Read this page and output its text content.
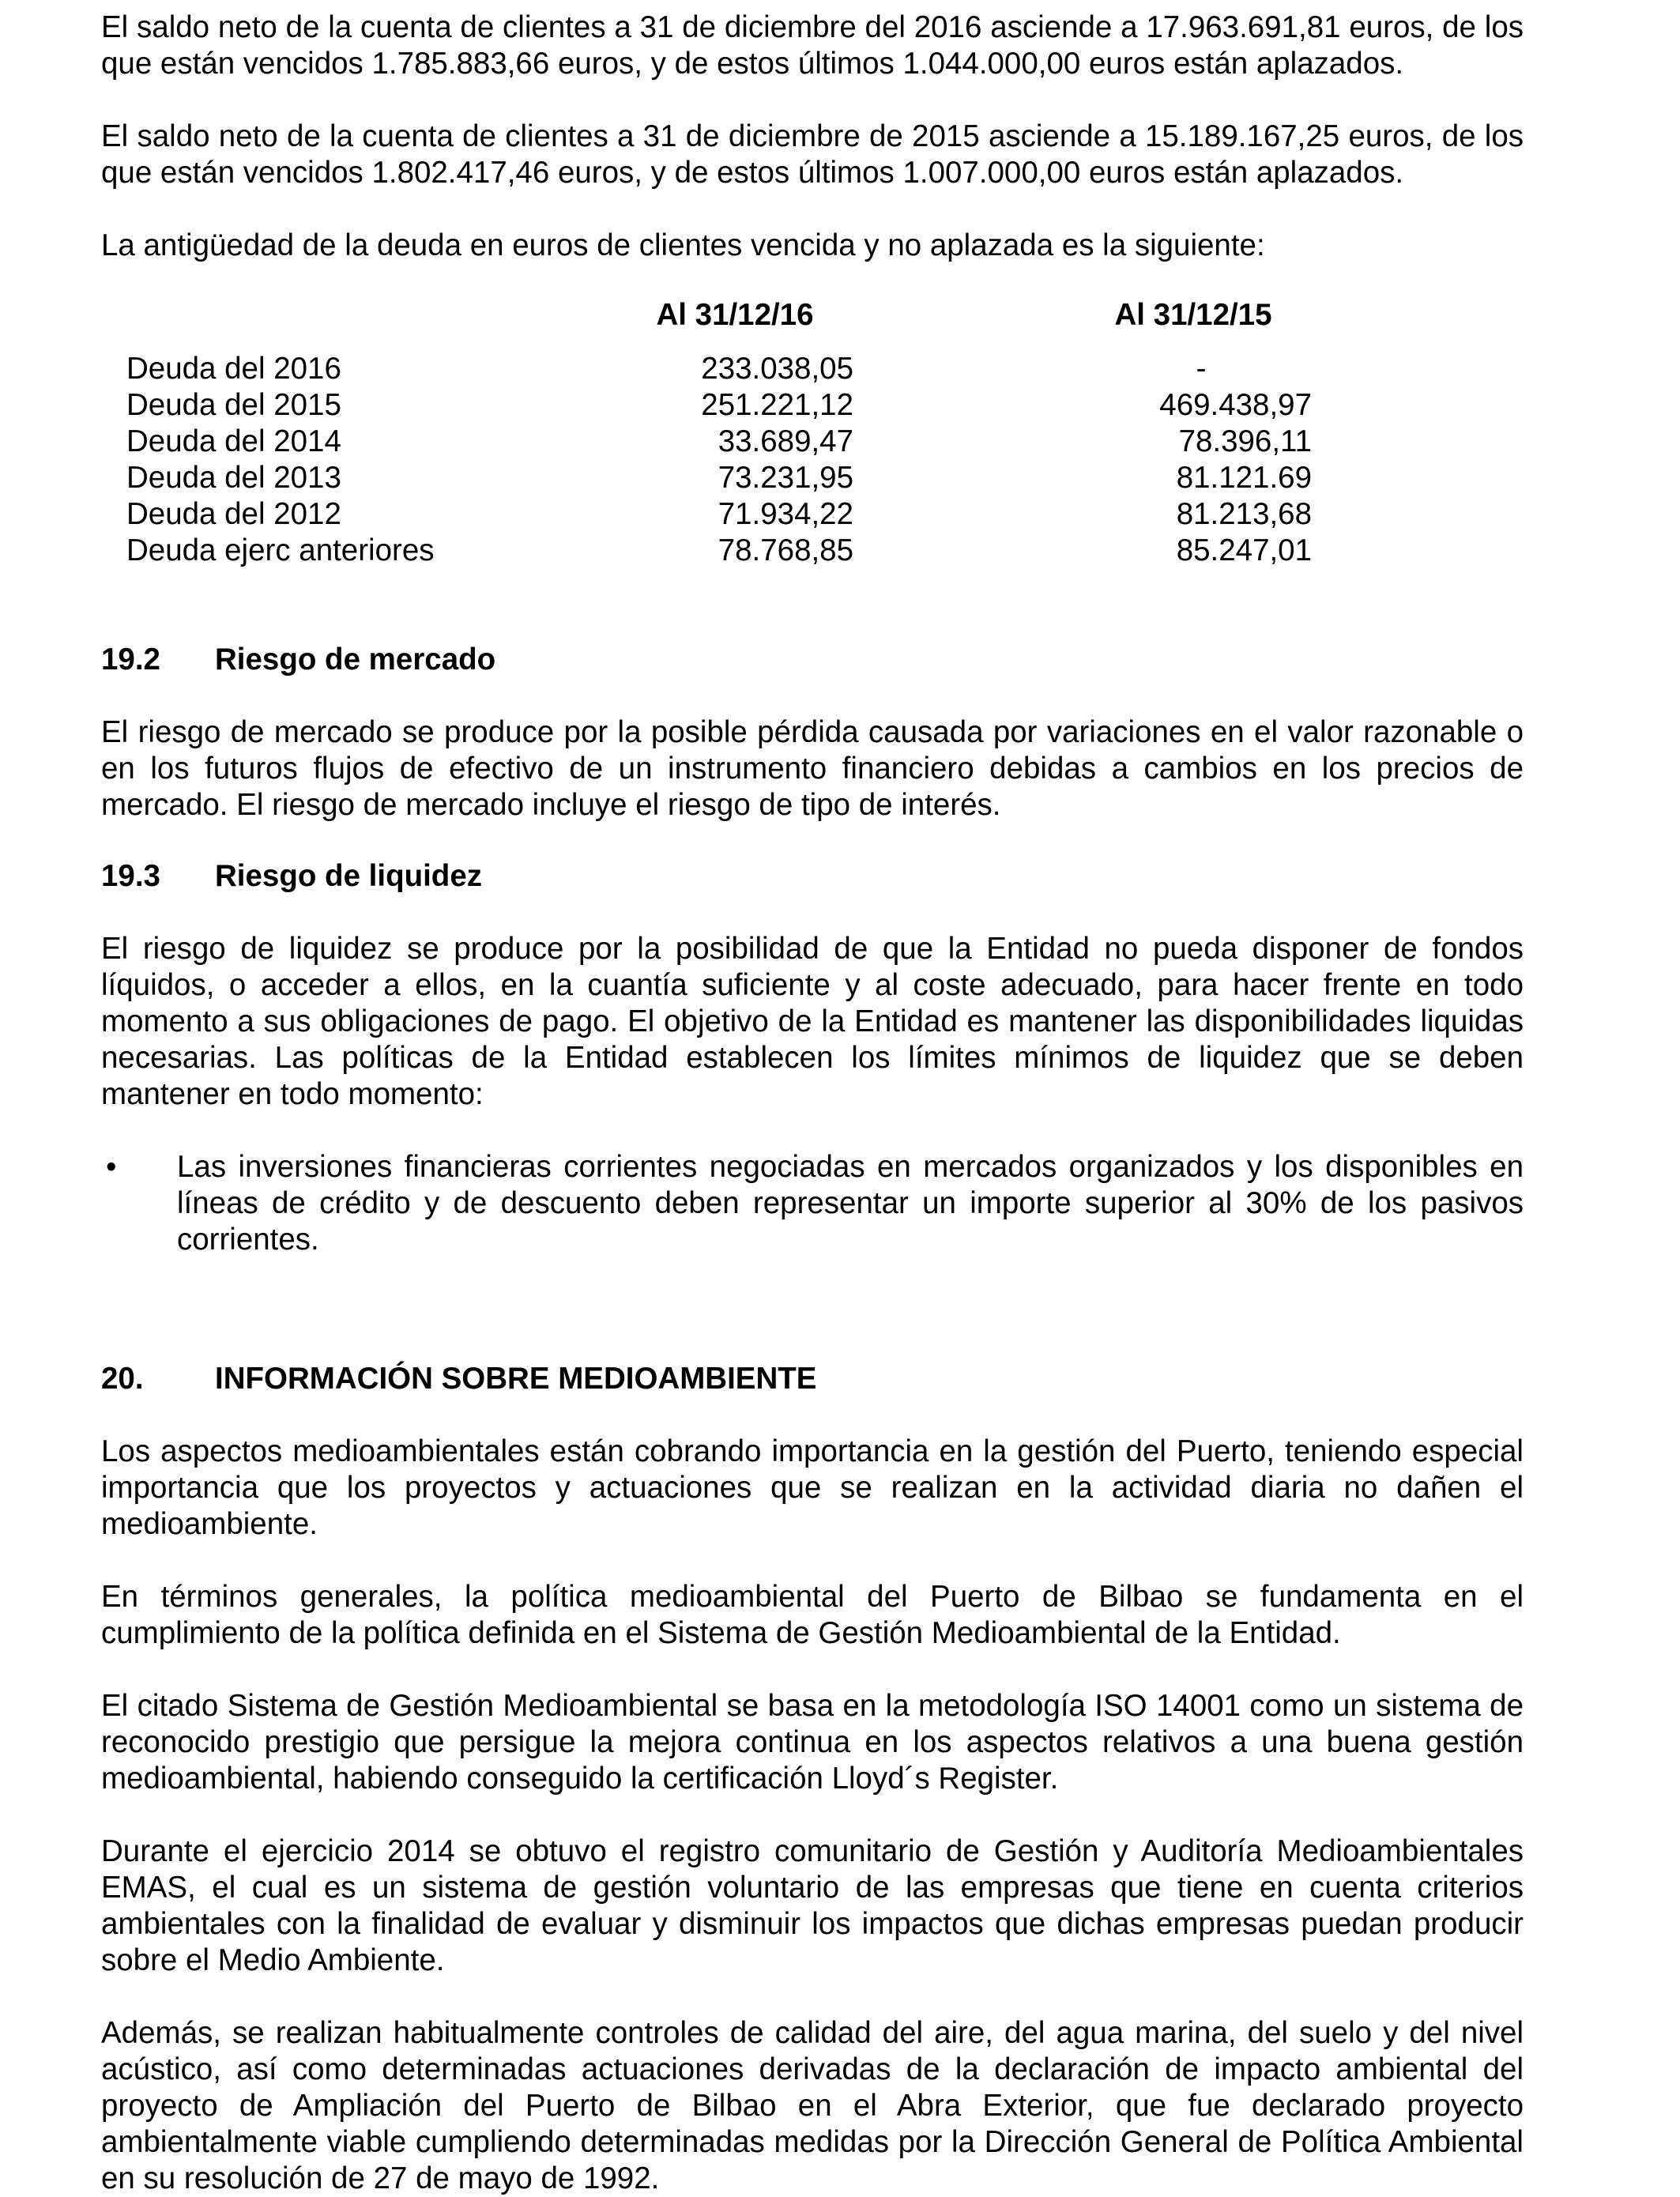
El saldo neto de la cuenta de clientes a 31 de diciembre del 2016 asciende a 17.963.691,81 euros, de los que están vencidos 1.785.883,66 euros, y de estos últimos 1.044.000,00 euros están aplazados.

El saldo neto de la cuenta de clientes a 31 de diciembre de 2015 asciende a 15.189.167,25 euros, de los que están vencidos 1.802.417,46 euros, y de estos últimos 1.007.000,00 euros están aplazados.

La antigüedad de la deuda en euros de clientes vencida y no aplazada es la siguiente:

	Al 31/12/16	Al 31/12/15
Deuda del 2016	233.038,05	-
Deuda del 2015	251.221,12	469.438,97
Deuda del 2014	33.689,47	78.396,11
Deuda del 2013	73.231,95	81.121.69
Deuda del 2012	71.934,22	81.213,68
Deuda ejerc anteriores	78.768,85	85.247,01
19.2	Riesgo de mercado

El riesgo de mercado se produce por la posible pérdida causada por variaciones en el valor razonable o en los futuros flujos de efectivo de un instrumento financiero debidas a cambios en los precios de mercado. El riesgo de mercado incluye el riesgo de tipo de interés.

19.3	Riesgo de liquidez

El riesgo de liquidez se produce por la posibilidad de que la Entidad no pueda disponer de fondos líquidos, o acceder a ellos, en la cuantía suficiente y al coste adecuado, para hacer frente en todo momento a sus obligaciones de pago. El objetivo de la Entidad es mantener las disponibilidades liquidas necesarias. Las políticas de la Entidad establecen los límites mínimos de liquidez que se deben mantener en todo momento:

•	Las inversiones financieras corrientes negociadas en mercados organizados y los disponibles en líneas de crédito y de descuento deben representar un importe superior al 30% de los pasivos corrientes.

20.	INFORMACIÓN SOBRE MEDIOAMBIENTE

Los aspectos medioambientales están cobrando importancia en la gestión del Puerto, teniendo especial importancia que los proyectos y actuaciones que se realizan en la actividad diaria no dañen el medioambiente.

En términos generales, la política medioambiental del Puerto de Bilbao se fundamenta en el cumplimiento de la política definida en el Sistema de Gestión Medioambiental de la Entidad.

El citado Sistema de Gestión Medioambiental se basa en la metodología ISO 14001 como un sistema de reconocido prestigio que persigue la mejora continua en los aspectos relativos a una buena gestión medioambiental, habiendo conseguido la certificación Lloyd´s Register.

Durante el ejercicio 2014 se obtuvo el registro comunitario de Gestión y Auditoría Medioambientales EMAS, el cual es un sistema de gestión voluntario de las empresas que tiene en cuenta criterios ambientales con la finalidad de evaluar y disminuir los impactos que dichas empresas puedan producir sobre el Medio Ambiente.

Además, se realizan habitualmente controles de calidad del aire, del agua marina, del suelo y del nivel acústico, así como determinadas actuaciones derivadas de la declaración de impacto ambiental del proyecto de Ampliación del Puerto de Bilbao en el Abra Exterior, que fue declarado proyecto ambientalmente viable cumpliendo determinadas medidas por la Dirección General de Política Ambiental en su resolución de 27 de mayo de 1992.
